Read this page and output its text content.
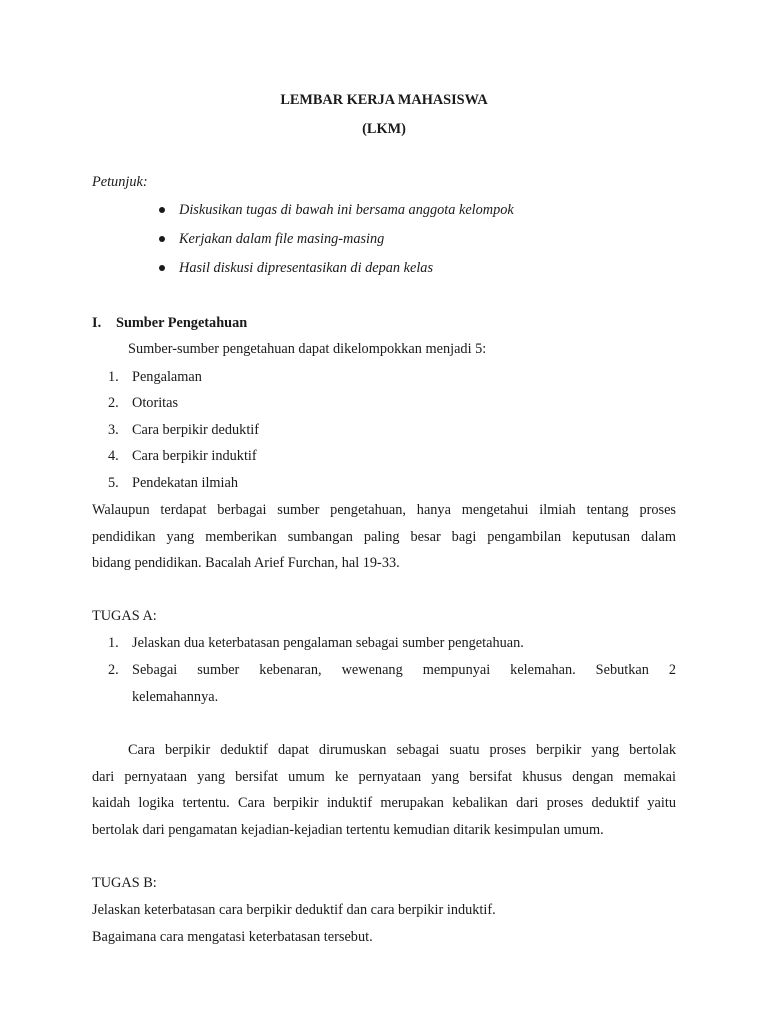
LEMBAR KERJA MAHASISWA
(LKM)
Petunjuk:
Diskusikan tugas di bawah ini bersama anggota kelompok
Kerjakan dalam file masing-masing
Hasil diskusi dipresentasikan di depan kelas
I. Sumber Pengetahuan
Sumber-sumber pengetahuan dapat dikelompokkan menjadi 5:
1. Pengalaman
2. Otoritas
3. Cara berpikir deduktif
4. Cara berpikir induktif
5. Pendekatan ilmiah
Walaupun terdapat berbagai sumber pengetahuan, hanya mengetahui ilmiah tentang proses
pendidikan yang memberikan sumbangan paling besar bagi pengambilan keputusan dalam
bidang pendidikan. Bacalah Arief Furchan, hal 19-33.
TUGAS A:
1. Jelaskan dua keterbatasan pengalaman sebagai sumber pengetahuan.
2. Sebagai sumber kebenaran, wewenang mempunyai kelemahan. Sebutkan 2
kelemahannya.
Cara berpikir deduktif dapat dirumuskan sebagai suatu proses berpikir yang bertolak
dari pernyataan yang bersifat umum ke pernyataan yang bersifat khusus dengan memakai
kaidah logika tertentu. Cara berpikir induktif merupakan kebalikan dari proses deduktif yaitu
bertolak dari pengamatan kejadian-kejadian tertentu kemudian ditarik kesimpulan umum.
TUGAS B:
Jelaskan keterbatasan cara berpikir deduktif dan cara berpikir induktif.
Bagaimana cara mengatasi keterbatasan tersebut.
